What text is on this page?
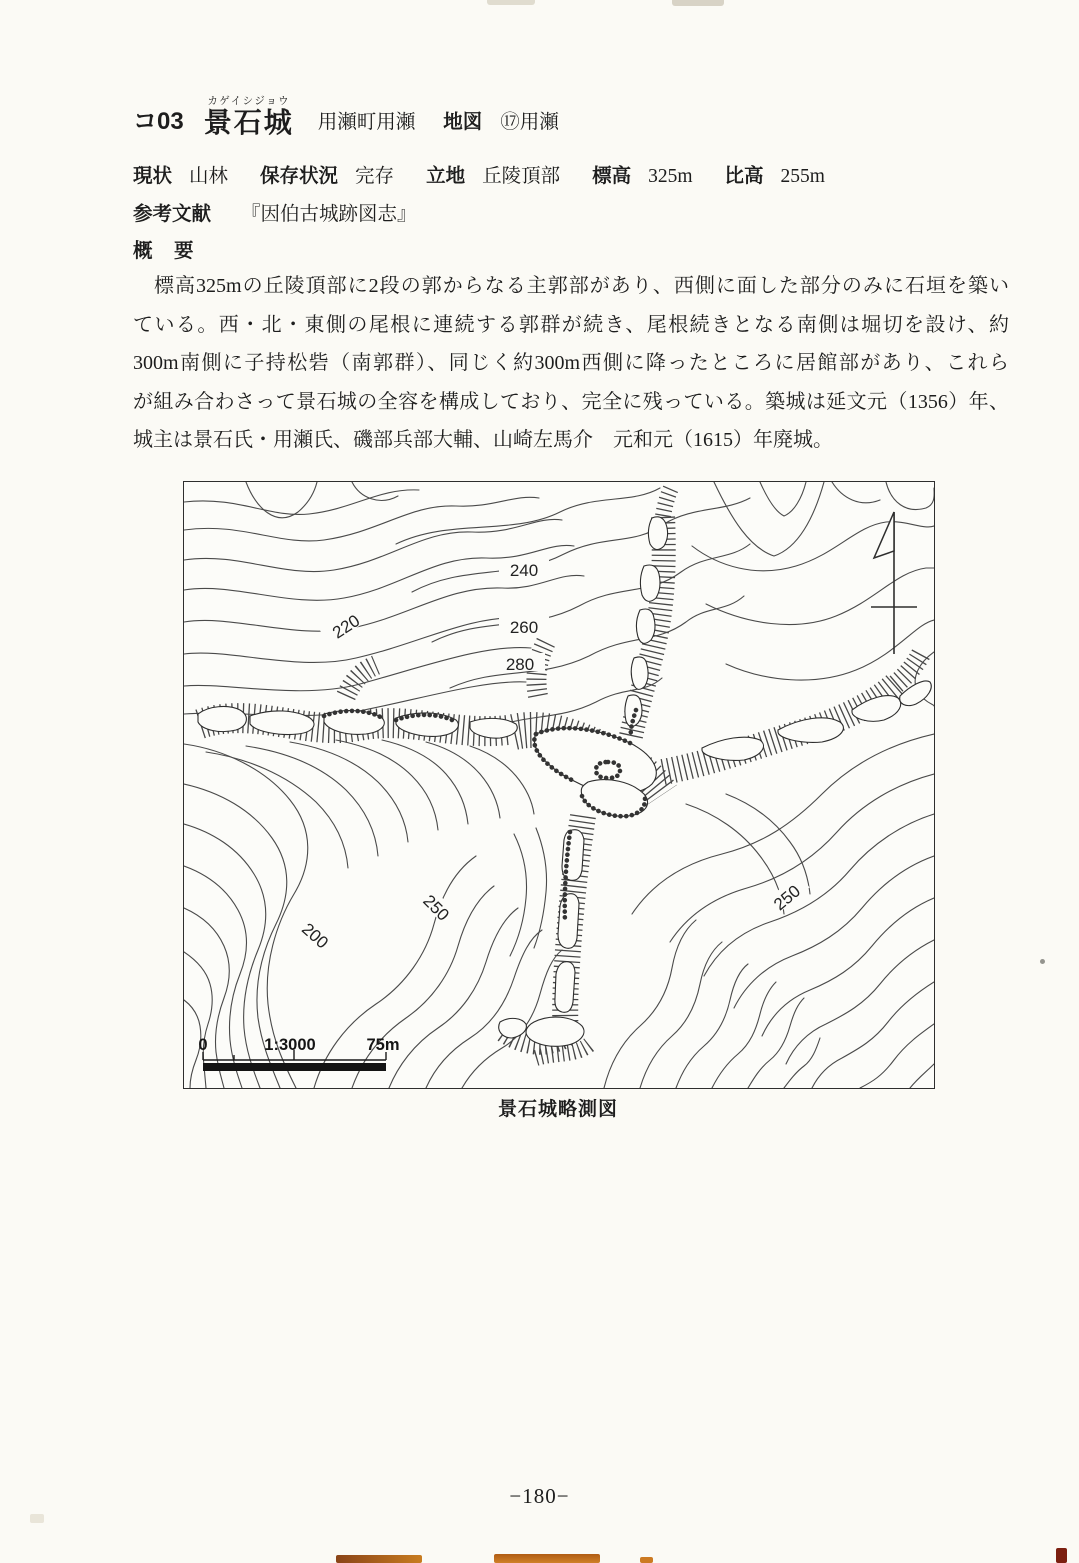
コ03
カゲイシジョウ
景石城 用瀬町用瀬 地図 ⑰用瀬
現状 山林 保存状況 完存 立地 丘陵頂部 標高 325m 比高 255m
参考文献 『因伯古城跡図志』
概　要
　標高325mの丘陵頂部に2段の郭からなる主郭部があり、西側に面した部分のみに石垣を築い
ている。西・北・東側の尾根に連続する郭群が続き、尾根続きとなる南側は堀切を設け、約
300m南側に子持松砦（南郭群）、同じく約300m西側に降ったところに居館部があり、これら
が組み合わさって景石城の全容を構成しており、完全に残っている。築城は延文元（1356）年、
城主は景石氏・用瀬氏、磯部兵部大輔、山崎左馬介　元和元（1615）年廃城。
220
240
260
280
250
200
250
0	1:3000	75m
景石城略測図
−180−
